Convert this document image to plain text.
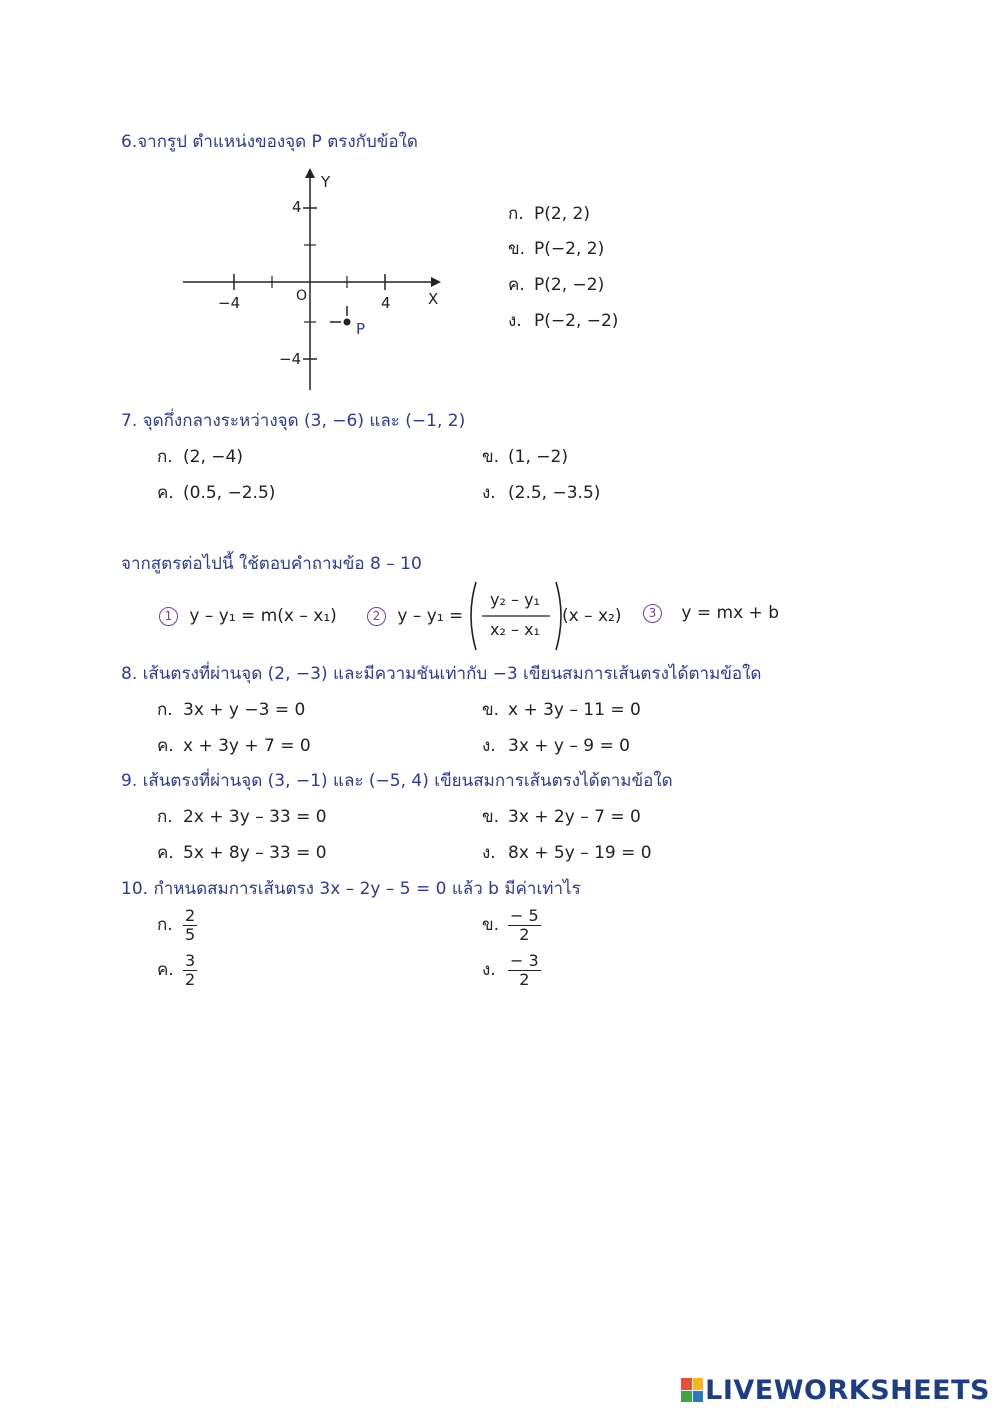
6.จากรูป ตำแหน่งของจุด P ตรงกับข้อใด
Y
X
O
−4	4
4
−4
P
ก. P(2, 2)
ข. P(−2, 2)
ค. P(2, −2)
ง. P(−2, −2)
7. จุดกึ่งกลางระหว่างจุด (3, −6) และ (−1, 2)
ก. (2, −4)	ข. (1, −2)
ค. (0.5, −2.5)	ง. (2.5, −3.5)
จากสูตรต่อไปนี้ ใช้ตอบคำถามข้อ 8 – 10
1 y – y₁ = m(x – x₁)	2 y – y₁ =
y₂ – y₁
x₂ – x₁
(x – x₂)	3 y = mx + b
8. เส้นตรงที่ผ่านจุด (2, −3) และมีความชันเท่ากับ −3 เขียนสมการเส้นตรงได้ตามข้อใด
ก. 3x + y −3 = 0	ข. x + 3y – 11 = 0
ค. x + 3y + 7 = 0	ง. 3x + y – 9 = 0
9. เส้นตรงที่ผ่านจุด (3, −1) และ (−5, 4) เขียนสมการเส้นตรงได้ตามข้อใด
ก. 2x + 3y – 33 = 0	ข. 3x + 2y – 7 = 0
ค. 5x + 8y – 33 = 0	ง. 8x + 5y – 19 = 0
10. กำหนดสมการเส้นตรง 3x – 2y – 5 = 0 แล้ว b มีค่าเท่าไร
ก. $\frac{2}{5}$	ข. $\frac{- 5}{2}$
ค. $\frac{3}{2}$	ง. $\frac{- 3}{2}$
LIVEWORKSHEETS
